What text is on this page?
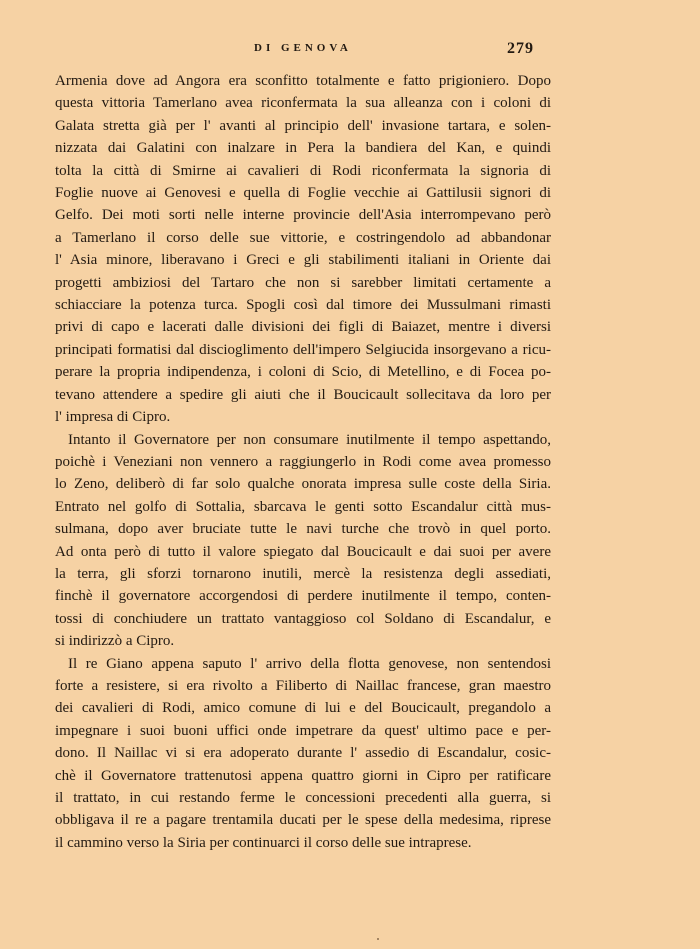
DI GENOVA	279
Armenia dove ad Angora era sconfitto totalmente e fatto prigioniero. Dopo
questa vittoria Tamerlano avea riconfermata la sua alleanza con i coloni di
Galata stretta già per l' avanti al principio dell' invasione tartara, e solen-
nizzata dai Galatini con inalzare in Pera la bandiera del Kan, e quindi
tolta la città di Smirne ai cavalieri di Rodi riconfermata la signoria di
Foglie nuove ai Genovesi e quella di Foglie vecchie ai Gattilusii signori di
Gelfo. Dei moti sorti nelle interne provincie dell'Asia interrompevano però
a Tamerlano il corso delle sue vittorie, e costringendolo ad abbandonar
l' Asia minore, liberavano i Greci e gli stabilimenti italiani in Oriente dai
progetti ambiziosi del Tartaro che non si sarebber limitati certamente a
schiacciare la potenza turca. Spogli così dal timore dei Mussulmani rimasti
privi di capo e lacerati dalle divisioni dei figli di Baiazet, mentre i diversi
principati formatisi dal discioglimento dell'impero Selgiucida insorgevano a ricu-
perare la propria indipendenza, i coloni di Scio, di Metellino, e di Focea po-
tevano attendere a spedire gli aiuti che il Boucicault sollecitava da loro per
l' impresa di Cipro.
Intanto il Governatore per non consumare inutilmente il tempo aspettando,
poichè i Veneziani non vennero a raggiungerlo in Rodi come avea promesso
lo Zeno, deliberò di far solo qualche onorata impresa sulle coste della Siria.
Entrato nel golfo di Sottalia, sbarcava le genti sotto Escandalur città mus-
sulmana, dopo aver bruciate tutte le navi turche che trovò in quel porto.
Ad onta però di tutto il valore spiegato dal Boucicault e dai suoi per avere
la terra, gli sforzi tornarono inutili, mercè la resistenza degli assediati,
finchè il governatore accorgendosi di perdere inutilmente il tempo, conten-
tossi di conchiudere un trattato vantaggioso col Soldano di Escandalur, e
si indirizzò a Cipro.
Il re Giano appena saputo l' arrivo della flotta genovese, non sentendosi
forte a resistere, si era rivolto a Filiberto di Naillac francese, gran maestro
dei cavalieri di Rodi, amico comune di lui e del Boucicault, pregandolo a
impegnare i suoi buoni uffici onde impetrare da quest' ultimo pace e per-
dono. Il Naillac vi si era adoperato durante l' assedio di Escandalur, cosic-
chè il Governatore trattenutosi appena quattro giorni in Cipro per ratificare
il trattato, in cui restando ferme le concessioni precedenti alla guerra, si
obbligava il re a pagare trentamila ducati per le spese della medesima, riprese
il cammino verso la Siria per continuarci il corso delle sue intraprese.
